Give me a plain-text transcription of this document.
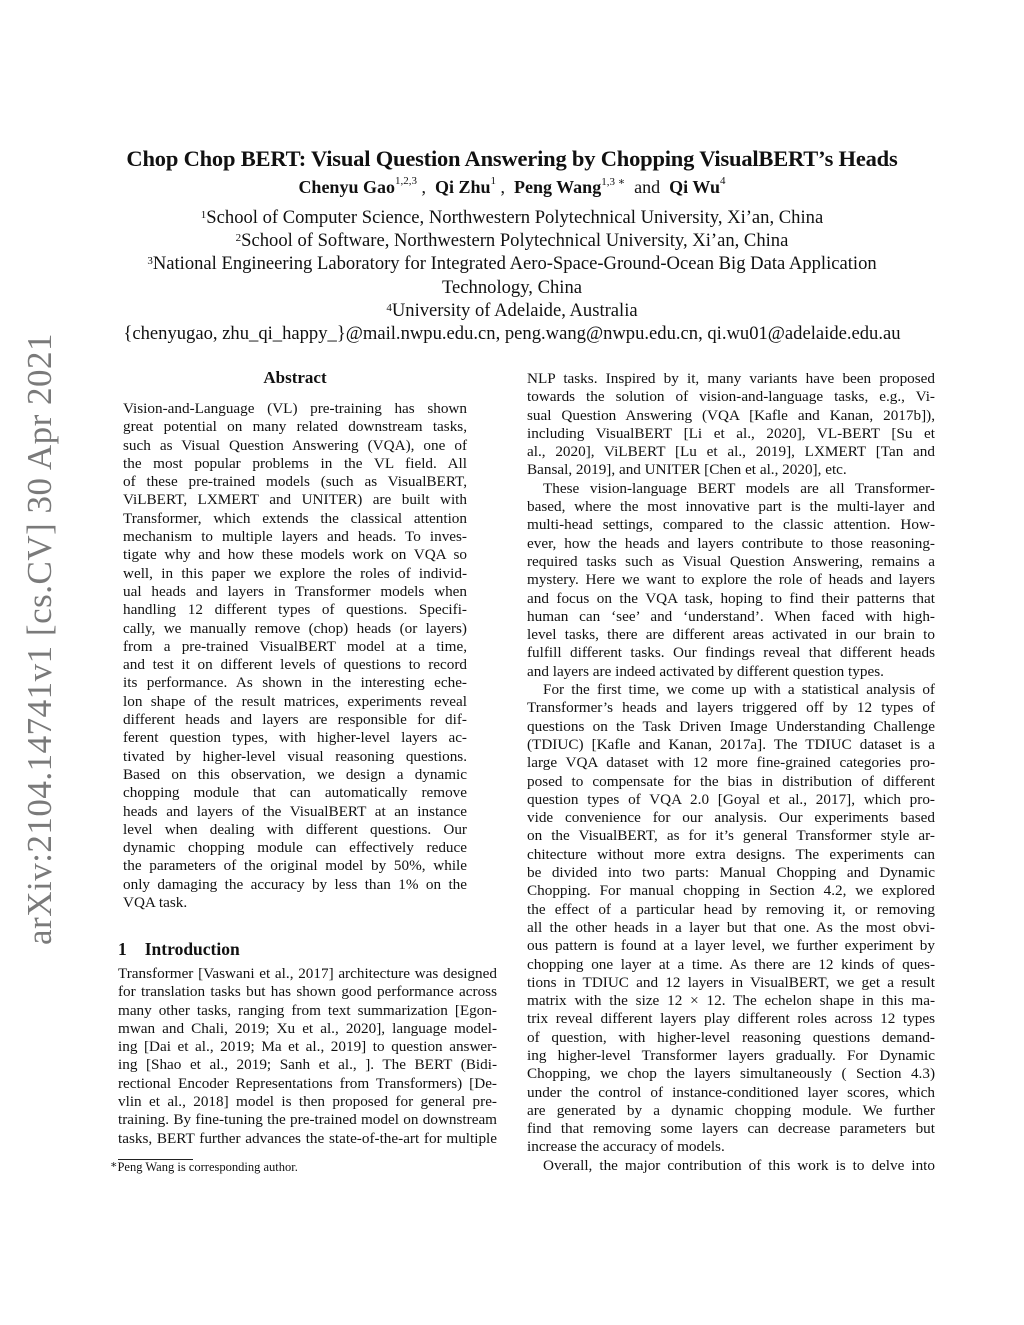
arXiv:2104.14741v1 [cs.CV] 30 Apr 2021
Chop Chop BERT: Visual Question Answering by Chopping VisualBERT’s Heads
Chenyu Gao$^{1,2,3}$ ,  Qi Zhu$^1$ ,  Peng Wang$^{1,3 ∗}$ and Qi Wu$^4$
$^1$School of Computer Science, Northwestern Polytechnical University, Xi’an, China
$^2$School of Software, Northwestern Polytechnical University, Xi’an, China
$^3$National Engineering Laboratory for Integrated Aero-Space-Ground-Ocean Big Data Application
Technology, China
$^4$University of Adelaide, Australia
{chenyugao, zhu_qi_happy_}@mail.nwpu.edu.cn, peng.wang@nwpu.edu.cn, qi.wu01@adelaide.edu.au
Abstract
Vision-and-Language (VL) pre-training has shown
great potential on many related downstream tasks,
such as Visual Question Answering (VQA), one of
the most popular problems in the VL field. All
of these pre-trained models (such as VisualBERT,
ViLBERT, LXMERT and UNITER) are built with
Transformer, which extends the classical attention
mechanism to multiple layers and heads. To inves-
tigate why and how these models work on VQA so
well, in this paper we explore the roles of individ-
ual heads and layers in Transformer models when
handling 12 different types of questions. Specifi-
cally, we manually remove (chop) heads (or layers)
from a pre-trained VisualBERT model at a time,
and test it on different levels of questions to record
its performance. As shown in the interesting eche-
lon shape of the result matrices, experiments reveal
different heads and layers are responsible for dif-
ferent question types, with higher-level layers ac-
tivated by higher-level visual reasoning questions.
Based on this observation, we design a dynamic
chopping module that can automatically remove
heads and layers of the VisualBERT at an instance
level when dealing with different questions. Our
dynamic chopping module can effectively reduce
the parameters of the original model by 50%, while
only damaging the accuracy by less than 1% on the
VQA task.
1 Introduction
Transformer [Vaswani et al., 2017] architecture was designed
for translation tasks but has shown good performance across
many other tasks, ranging from text summarization [Egon-
mwan and Chali, 2019; Xu et al., 2020], language model-
ing [Dai et al., 2019; Ma et al., 2019] to question answer-
ing [Shao et al., 2019; Sanh et al., ]. The BERT (Bidi-
rectional Encoder Representations from Transformers) [De-
vlin et al., 2018] model is then proposed for general pre-
training. By fine-tuning the pre-trained model on downstream
tasks, BERT further advances the state-of-the-art for multiple
∗Peng Wang is corresponding author.
NLP tasks. Inspired by it, many variants have been proposed
towards the solution of vision-and-language tasks, e.g., Vi-
sual Question Answering (VQA [Kafle and Kanan, 2017b]),
including VisualBERT [Li et al., 2020], VL-BERT [Su et
al., 2020], ViLBERT [Lu et al., 2019], LXMERT [Tan and
Bansal, 2019], and UNITER [Chen et al., 2020], etc.
These vision-language BERT models are all Transformer-
based, where the most innovative part is the multi-layer and
multi-head settings, compared to the classic attention. How-
ever, how the heads and layers contribute to those reasoning-
required tasks such as Visual Question Answering, remains a
mystery. Here we want to explore the role of heads and layers
and focus on the VQA task, hoping to find their patterns that
human can ‘see’ and ‘understand’. When faced with high-
level tasks, there are different areas activated in our brain to
fulfill different tasks. Our findings reveal that different heads
and layers are indeed activated by different question types.
For the first time, we come up with a statistical analysis of
Transformer’s heads and layers triggered off by 12 types of
questions on the Task Driven Image Understanding Challenge
(TDIUC) [Kafle and Kanan, 2017a]. The TDIUC dataset is a
large VQA dataset with 12 more fine-grained categories pro-
posed to compensate for the bias in distribution of different
question types of VQA 2.0 [Goyal et al., 2017], which pro-
vide convenience for our analysis. Our experiments based
on the VisualBERT, as for it’s general Transformer style ar-
chitecture without more extra designs. The experiments can
be divided into two parts: Manual Chopping and Dynamic
Chopping. For manual chopping in Section 4.2, we explored
the effect of a particular head by removing it, or removing
all the other heads in a layer but that one. As the most obvi-
ous pattern is found at a layer level, we further experiment by
chopping one layer at a time. As there are 12 kinds of ques-
tions in TDIUC and 12 layers in VisualBERT, we get a result
matrix with the size 12 × 12. The echelon shape in this ma-
trix reveal different layers play different roles across 12 types
of question, with higher-level reasoning questions demand-
ing higher-level Transformer layers gradually. For Dynamic
Chopping, we chop the layers simultaneously ( Section 4.3)
under the control of instance-conditioned layer scores, which
are generated by a dynamic chopping module. We further
find that removing some layers can decrease parameters but
increase the accuracy of models.
Overall, the major contribution of this work is to delve into
